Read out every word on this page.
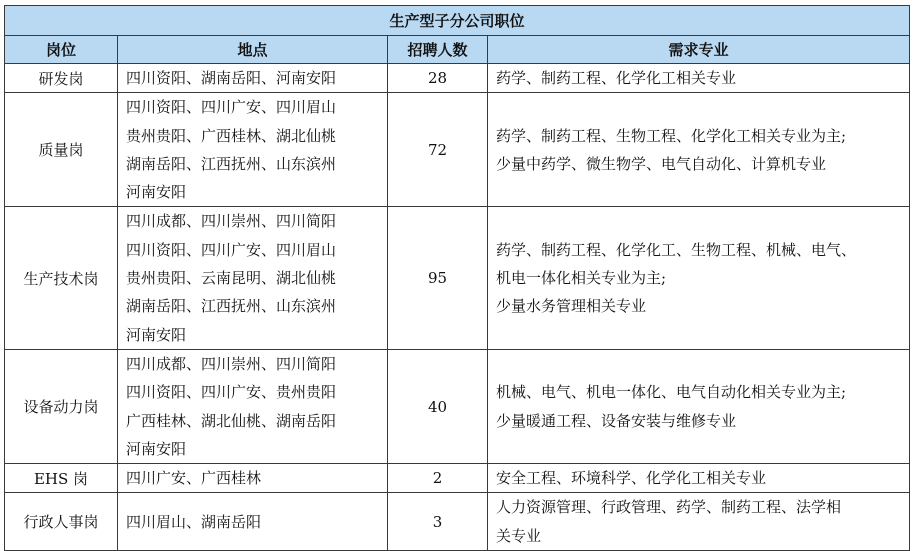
生产型子分公司职位			
岗位	地点	招聘人数	需求专业
研发岗	四川资阳、湖南岳阳、河南安阳	28	药学、制药工程、化学化工相关专业

质量岗	四川资阳、四川广安、四川眉山
贵州贵阳、广西桂林、湖北仙桃
湖南岳阳、江西抚州、山东滨州
河南安阳	72	药学、制药工程、生物工程、化学化工相关专业为主;
少量中药学、微生物学、电气自动化、计算机专业

生产技术岗	四川成都、四川崇州、四川简阳
四川资阳、四川广安、四川眉山
贵州贵阳、云南昆明、湖北仙桃
湖南岳阳、江西抚州、山东滨州
河南安阳	95	药学、制药工程、化学化工、生物工程、机械、电气、
机电一体化相关专业为主;
少量水务管理相关专业

设备动力岗	四川成都、四川崇州、四川简阳
四川资阳、四川广安、贵州贵阳
广西桂林、湖北仙桃、湖南岳阳
河南安阳	40	机械、电气、机电一体化、电气自动化相关专业为主;
少量暖通工程、设备安装与维修专业

EHS 岗	四川广安、广西桂林	2	安全工程、环境科学、化学化工相关专业

行政人事岗	四川眉山、湖南岳阳	3	人力资源管理、行政管理、药学、制药工程、法学相
关专业
